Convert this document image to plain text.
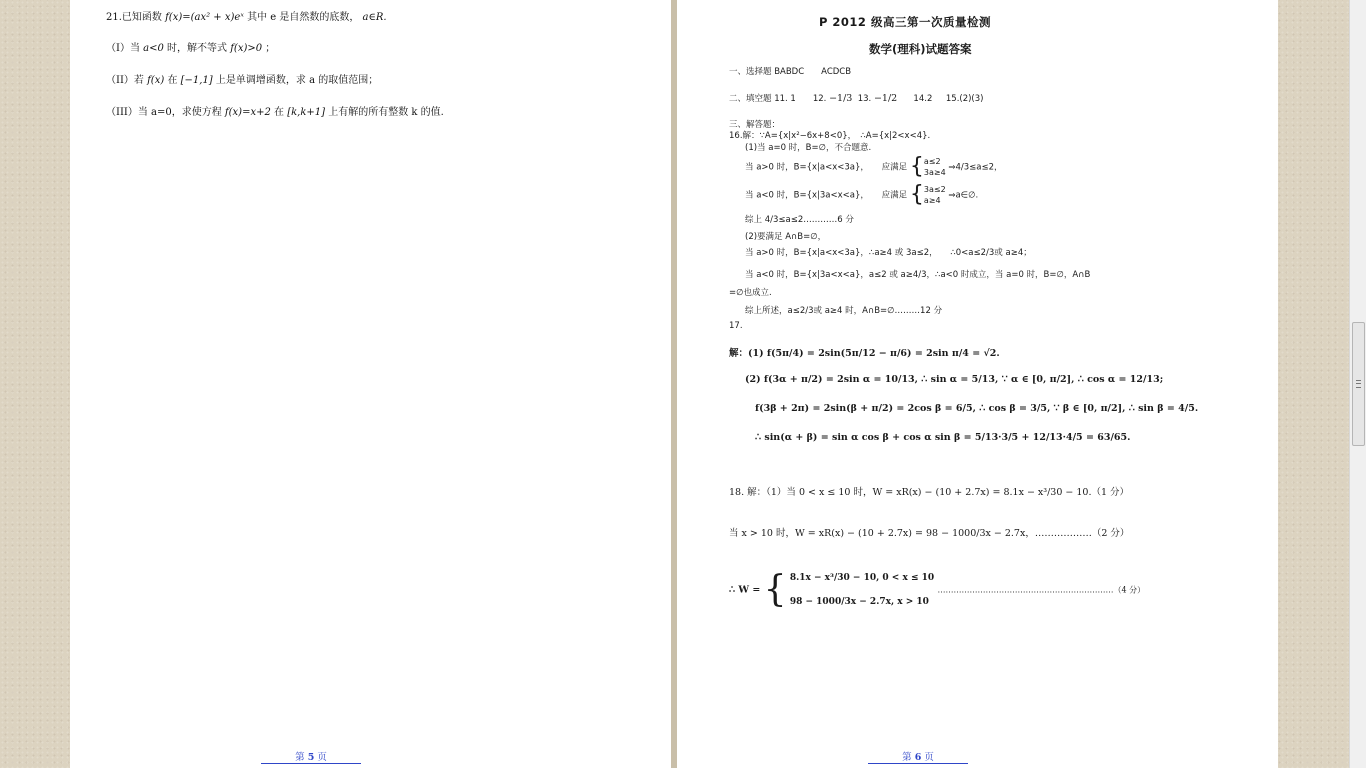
21.已知函数 f(x)=(ax² + x)eˣ 其中 e 是自然数的底数， a∈R.
（I）当 a<0 时，解不等式 f(x)>0 ；
（II）若 f(x) 在 [−1,1] 上是单调增函数，求 a 的取值范围；
（III）当 a=0，求使方程 f(x)=x+2 在 [k,k+1] 上有解的所有整数 k 的值.
第 5 页
P 2012 级高三第一次质量检测
数学(理科)试题答案
一、选择题 BABDC　　ACDCB
二、填空题 11. 1　　12. −1/3 13. −1/2 14.2 15.(2)(3)
三、解答题：
16.解：∵A={x|x²−6x+8<0}，　∴A={x|2<x<4}.
(1)当 a=0 时，B=∅，不合题意.
当 a>0 时，B={x|a<x<3a}，　　应满足 { a≤2
3a≥4 ⇒4/3≤a≤2，
当 a<0 时，B={x|3a<x<a}，　　应满足 { 3a≤2
a≥4 ⇒a∈∅.
综上 4/3≤a≤2…………6 分
(2)要满足 A∩B=∅，
当 a>0 时，B={x|a<x<3a}，∴a≥4 或 3a≤2，　　∴0<a≤2/3或 a≥4；
当 a<0 时，B={x|3a<x<a}，a≤2 或 a≥4/3，∴a<0 时成立，当 a=0 时，B=∅，A∩B
=∅也成立.
综上所述，a≤2/3或 a≥4 时，A∩B=∅………12 分
17.
解：(1) f(5π/4) = 2sin(5π/12 − π/6) = 2sin π/4 = √2.
(2) f(3α + π/2) = 2sin α = 10/13, ∴ sin α = 5/13, ∵ α ∈ [0, π/2], ∴ cos α = 12/13;
f(3β + 2π) = 2sin(β + π/2) = 2cos β = 6/5, ∴ cos β = 3/5, ∵ β ∈ [0, π/2], ∴ sin β = 4/5.
∴ sin(α + β) = sin α cos β + cos α sin β = 5/13·3/5 + 12/13·4/5 = 63/65.
18. 解：（1）当 0 < x ≤ 10 时，W = xR(x) − (10 + 2.7x) = 8.1x − x³/30 − 10.（1 分）
当 x > 10 时，W = xR(x) − (10 + 2.7x) = 98 − 1000/3x − 2.7x，………………（2 分）
∴ W = { 8.1x − x³/30 − 10, 0 < x ≤ 10
98 − 1000/3x − 2.7x, x > 10
…………………………………………………………（4 分）
第 6 页
